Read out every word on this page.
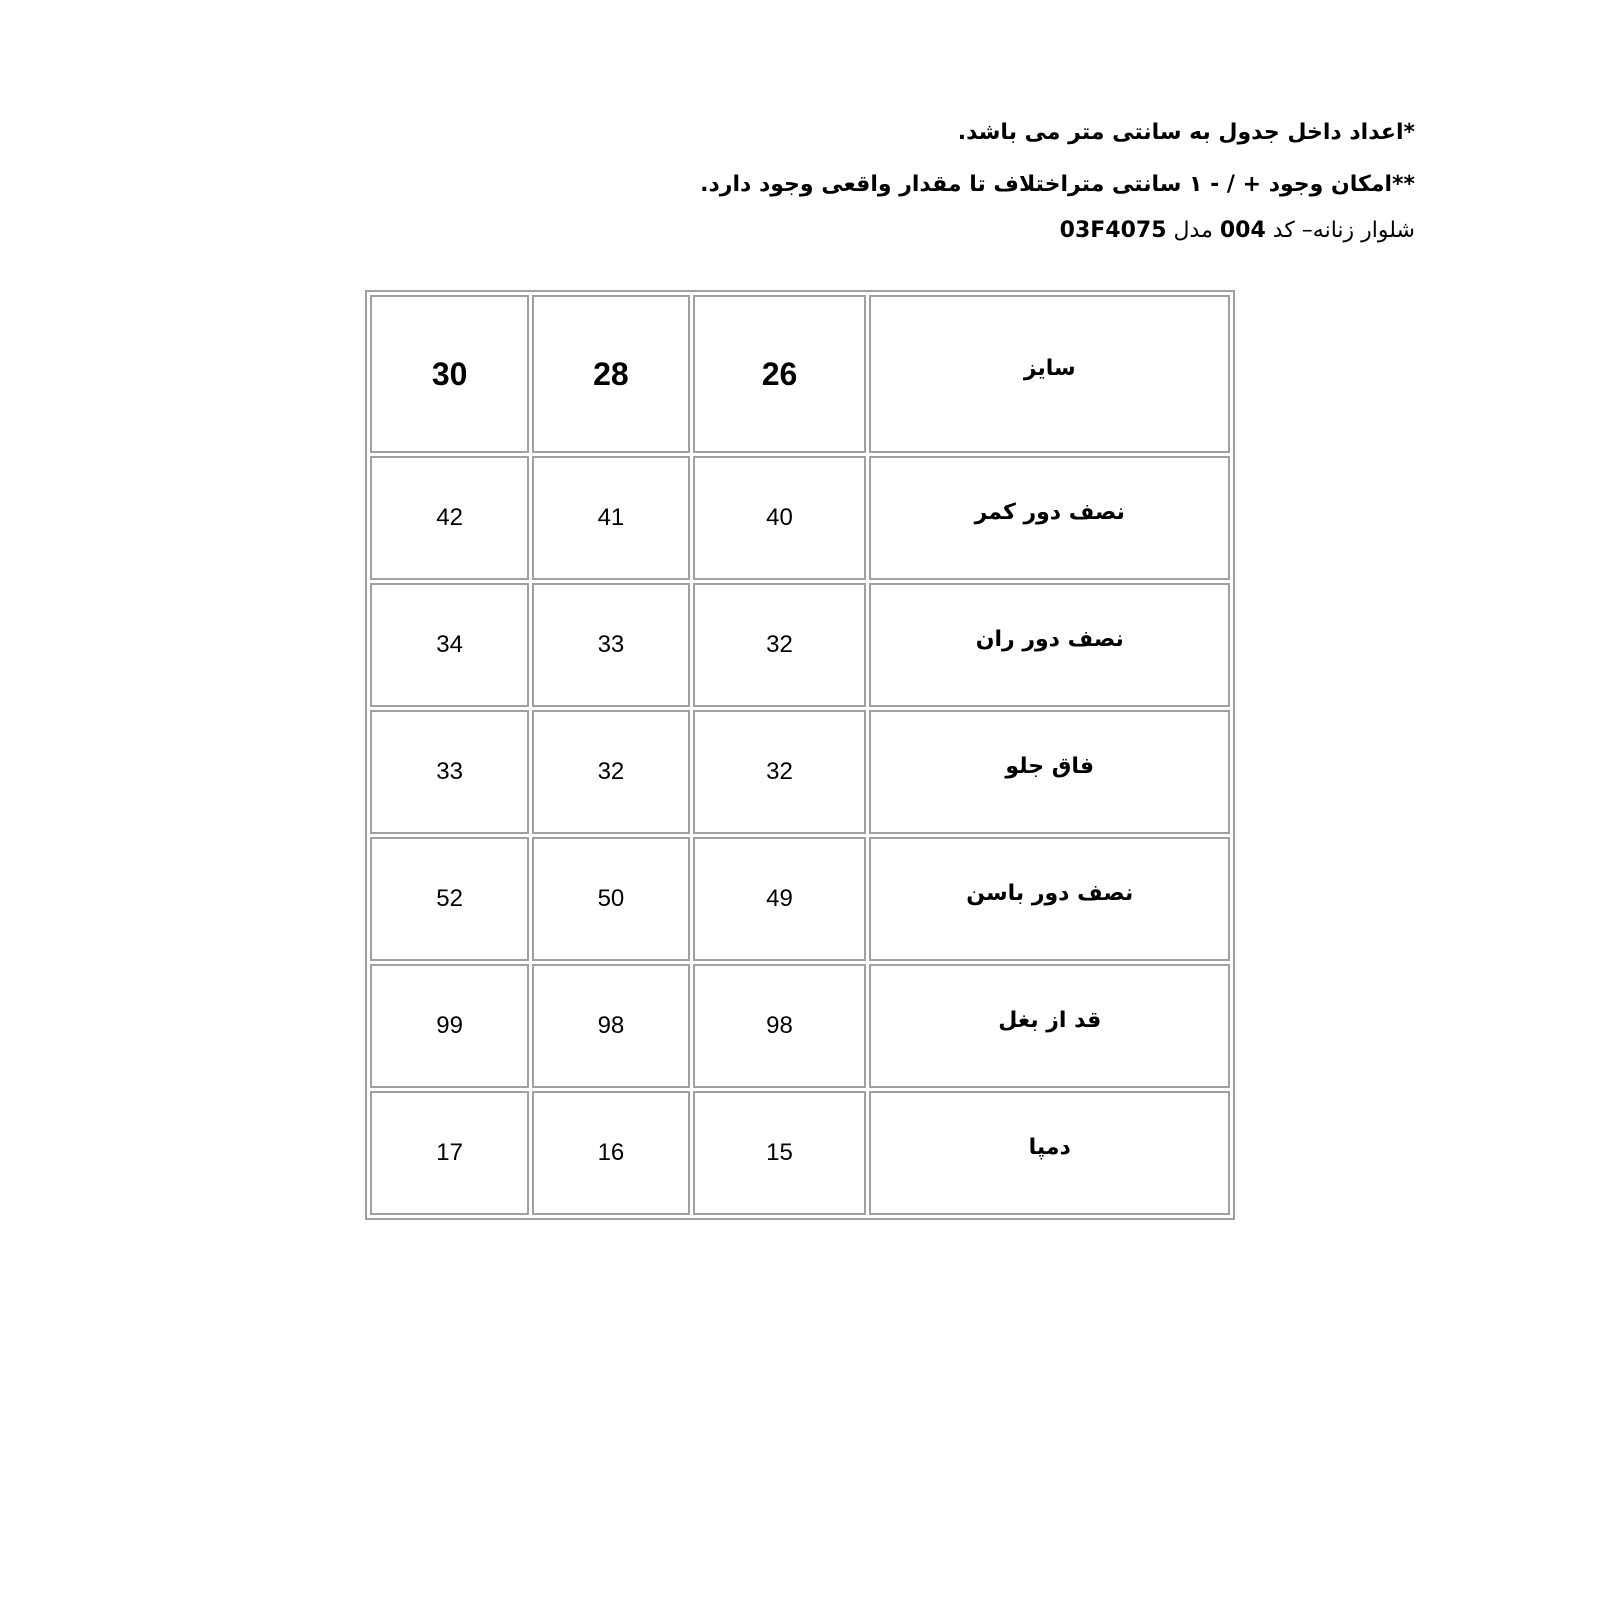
*اعداد داخل جدول به سانتی متر می باشد.
**امکان وجود + / - ۱ سانتی متراختلاف تا مقدار واقعی وجود دارد.
شلوار زنانه– کد 004 مدل 03F4075
سایز	26	28	30
نصف دور کمر	40	41	42
نصف دور ران	32	33	34
فاق جلو	32	32	33
نصف دور باسن	49	50	52
قد از بغل	98	98	99
دمپا	15	16	17
